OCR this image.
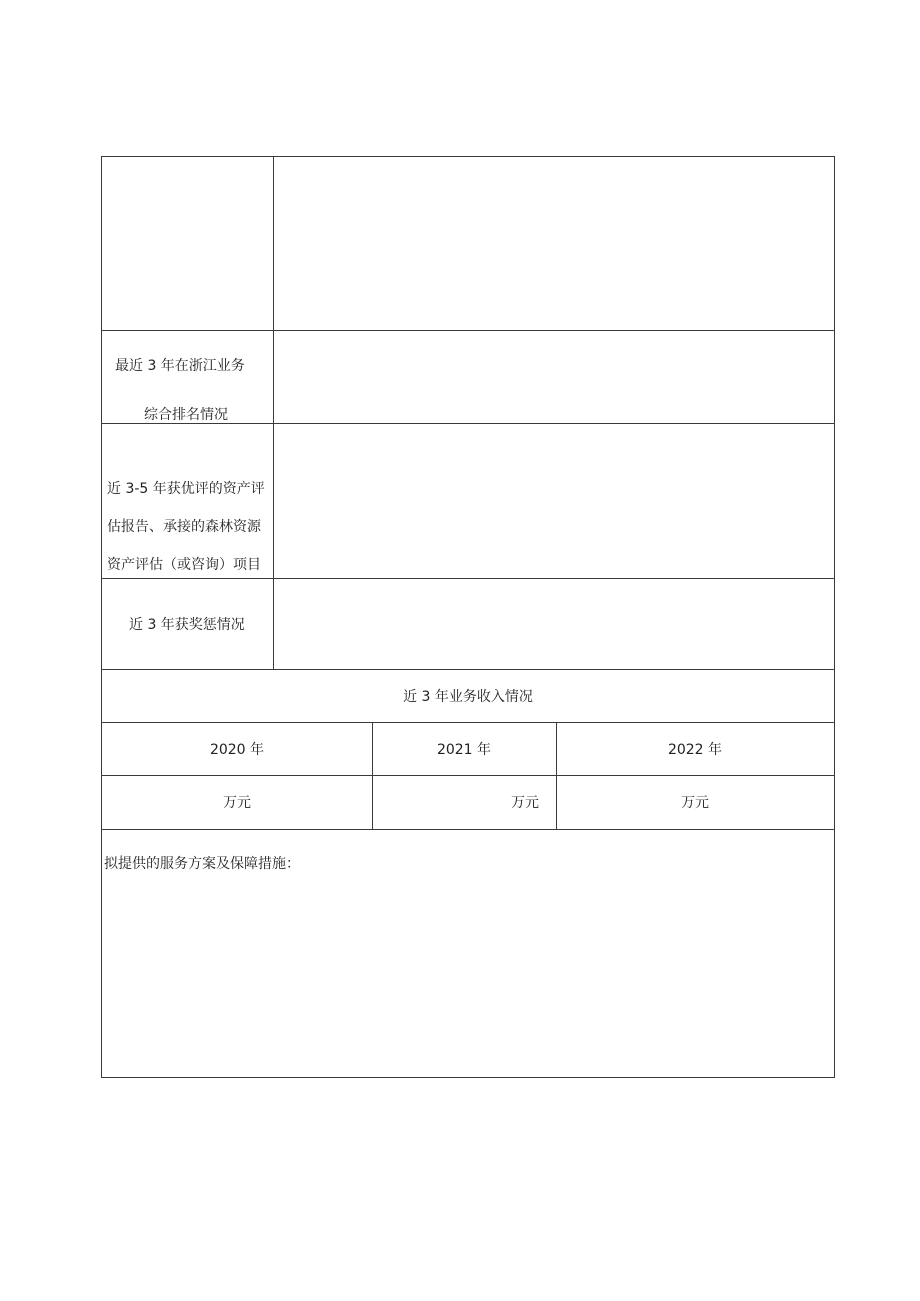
最近 3 年在浙江业务
综合排名情况
近 3-5 年获优评的资产评
估报告、承接的森林资源
资产评估（或咨询）项目
近 3 年获奖惩情况
近 3 年业务收入情况
2020 年	2021 年	2022 年
万元	万元	万元
拟提供的服务方案及保障措施：
